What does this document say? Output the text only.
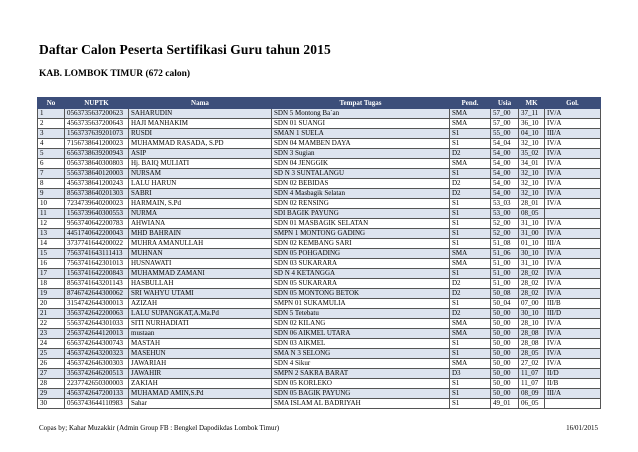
Daftar Calon Peserta Sertifikasi Guru tahun 2015
KAB. LOMBOK TIMUR (672 calon)
No	NUPTK	Nama	Tempat Tugas	Pend.	Usia	MK	Gol.
1	0563735637200623	SAHARUDIN	SDN 5 Montong Ba`an	SMA	57_00	37_11	IV/A
2	4563735637200643	HAJI MANHAKIM	SDN 01 SUANGI	SMA	57_00	36_10	IV/A
3	1563737639201073	RUSDI	SMAN 1 SUELA	S1	55_00	04_10	III/A
4	7156738641200023	MUHAMMAD RASADA, S.PD	SDN 04 MAMBEN DAYA	S1	54_04	32_10	IV/A
5	6563738639200943	ASIP	SDN 3 Sugian	D2	54_00	35_02	IV/A
6	0563738640300803	Hj. BAIQ MULIATI	SDN 04 JENGGIK	SMA	54_00	34_01	IV/A
7	5563738640120003	NURSAM	SD N 3 SUNTALANGU	S1	54_00	32_10	IV/A
8	4563738641200243	LALU HARUN	SDN 02 BEBIDAS	D2	54_00	32_10	IV/A
9	8563738640201303	SABRI	SDN 4 Masbagik Selatan	D2	54_00	32_10	IV/A
10	7234739640200023	HARMAIN, S.Pd	SDN 02 RENSING	S1	53_03	28_01	IV/A
11	1563739640300553	NURMA	SDI BAGIK PAYUNG	S1	53_00	08_05	
12	9563740642200783	AHWIANA	SDN 01 MASBAGIK SELATAN	S1	52_00	31_10	IV/A
13	4451740642200043	MHD BAHRAIN	SMPN 1 MONTONG GADING	S1	52_00	31_00	IV/A
14	3737741644200022	MUHRA AMANULLAH	SDN 02 KEMBANG SARI	S1	51_08	01_10	III/A
15	7563741643111413	MUHNAN	SDN 05 POHGADING	SMA	51_06	30_10	IV/A
16	7563741642301013	HUSNAWATI	SDN 03 SUKARARA	SMA	51_00	31_10	IV/A
17	1563741642200843	MUHAMMAD ZAMANI	SD N 4 KETANGGA	S1	51_00	28_02	IV/A
18	8563741643201143	HASBULLAH	SDN 05 SUKARARA	D2	51_00	28_02	IV/A
19	8746742644300062	SRI WAHYU UTAMI	SDN 05 MONTONG BETOK	D2	50_08	28_02	IV/A
20	3154742644300013	AZIZAH	SMPN 01 SUKAMULIA	S1	50_04	07_00	III/B
21	3563742642200063	LALU SUPANGKAT,A.Ma.Pd	SDN 5 Tetebatu	D2	50_00	30_10	III/D
22	5563742644301033	SITI NURHADIATI	SDN 02 KILANG	SMA	50_00	28_10	IV/A
23	2563742644120013	mustaan	SDN 06 AIKMEL UTARA	SMA	50_00	28_08	IV/A
24	6563742644300743	MASTAH	SDN 03 AIKMEL	S1	50_00	28_08	IV/A
25	4563742643200323	MASEHUN	SMA N 3 SELONG	S1	50_00	28_05	IV/A
26	4563742646300303	JAWARIAH	SDN 4 Sikur	SMA	50_00	27_02	IV/A
27	3563742646200513	JAWAHIR	SMPN 2 SAKRA BARAT	D3	50_00	11_07	II/D
28	2237742650300003	ZAKIAH	SDN 05 KORLEKO	S1	50_00	11_07	II/B
29	4563742647200133	MUHAMAD AMIN,S.Pd	SDN 05 BAGIK PAYUNG	S1	50_00	08_09	III/A
30	0563743644110983	Sahar	SMA ISLAM AL BADRIYAH	S1	49_01	06_05	
Copas by; Kahar Muzakkir (Admin Group FB : Bengkel Dapodikdas Lombok Timur)	16/01/2015
